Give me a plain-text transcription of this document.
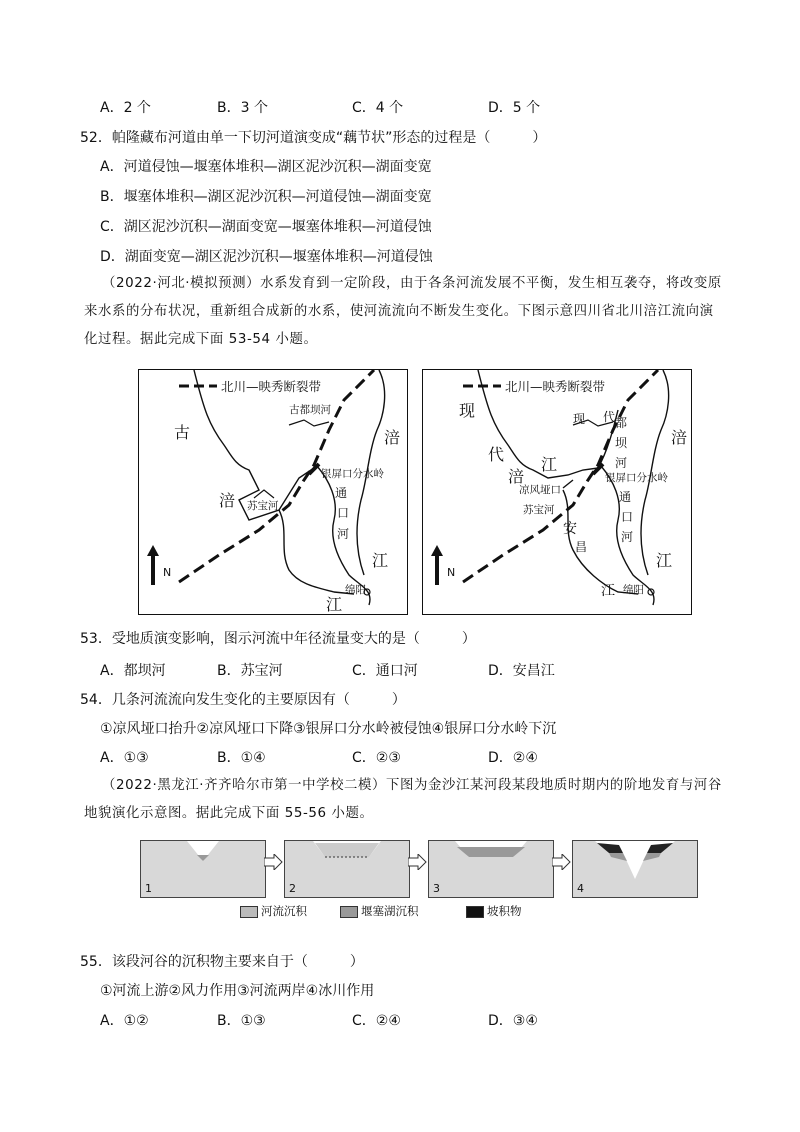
A．2 个	B．3 个	C．4 个	D．5 个
52．帕隆藏布河道由单一下切河道演变成“藕节状”形态的过程是（　　　）
A．河道侵蚀—堰塞体堆积—湖区泥沙沉积—湖面变宽
B．堰塞体堆积—湖区泥沙沉积—河道侵蚀—湖面变宽
C．湖区泥沙沉积—湖面变宽—堰塞体堆积—河道侵蚀
D．湖面变宽—湖区泥沙沉积—堰塞体堆积—河道侵蚀
（2022·河北·模拟预测）水系发育到一定阶段，由于各条河流发展不平衡，发生相互袭夺，将改变原来水系的分布状况，重新组合成新的水系，使河流流向不断发生变化。下图示意四川省北川涪江流向演化过程。据此完成下面 53-54 小题。
北川—映秀断裂带
古
涪
古都坝河
银屏口分水岭
苏宝河
通
口
河
涪
江
江
绵阳
N
北川—映秀断裂带
现
代
涪
江
现 代 都
坝
河
银屏口分水岭
凉风垭口
苏宝河
安
昌
通
口
河
涪
江
江 绵阳
N
53．受地质演变影响，图示河流中年径流量变大的是（　　　）
A．都坝河	B．苏宝河	C．通口河	D．安昌江
54．几条河流流向发生变化的主要原因有（　　　）
①凉风垭口抬升②凉风垭口下降③银屏口分水岭被侵蚀④银屏口分水岭下沉
A．①③	B．①④	C．②③	D．②④
（2022·黑龙江·齐齐哈尔市第一中学校二模）下图为金沙江某河段某段地质时期内的阶地发育与河谷地貌演化示意图。据此完成下面 55-56 小题。
1	2	3	4
河流沉积	堰塞湖沉积	坡积物
55．该段河谷的沉积物主要来自于（　　　）
①河流上游②风力作用③河流两岸④冰川作用
A．①②	B．①③	C．②④	D．③④
